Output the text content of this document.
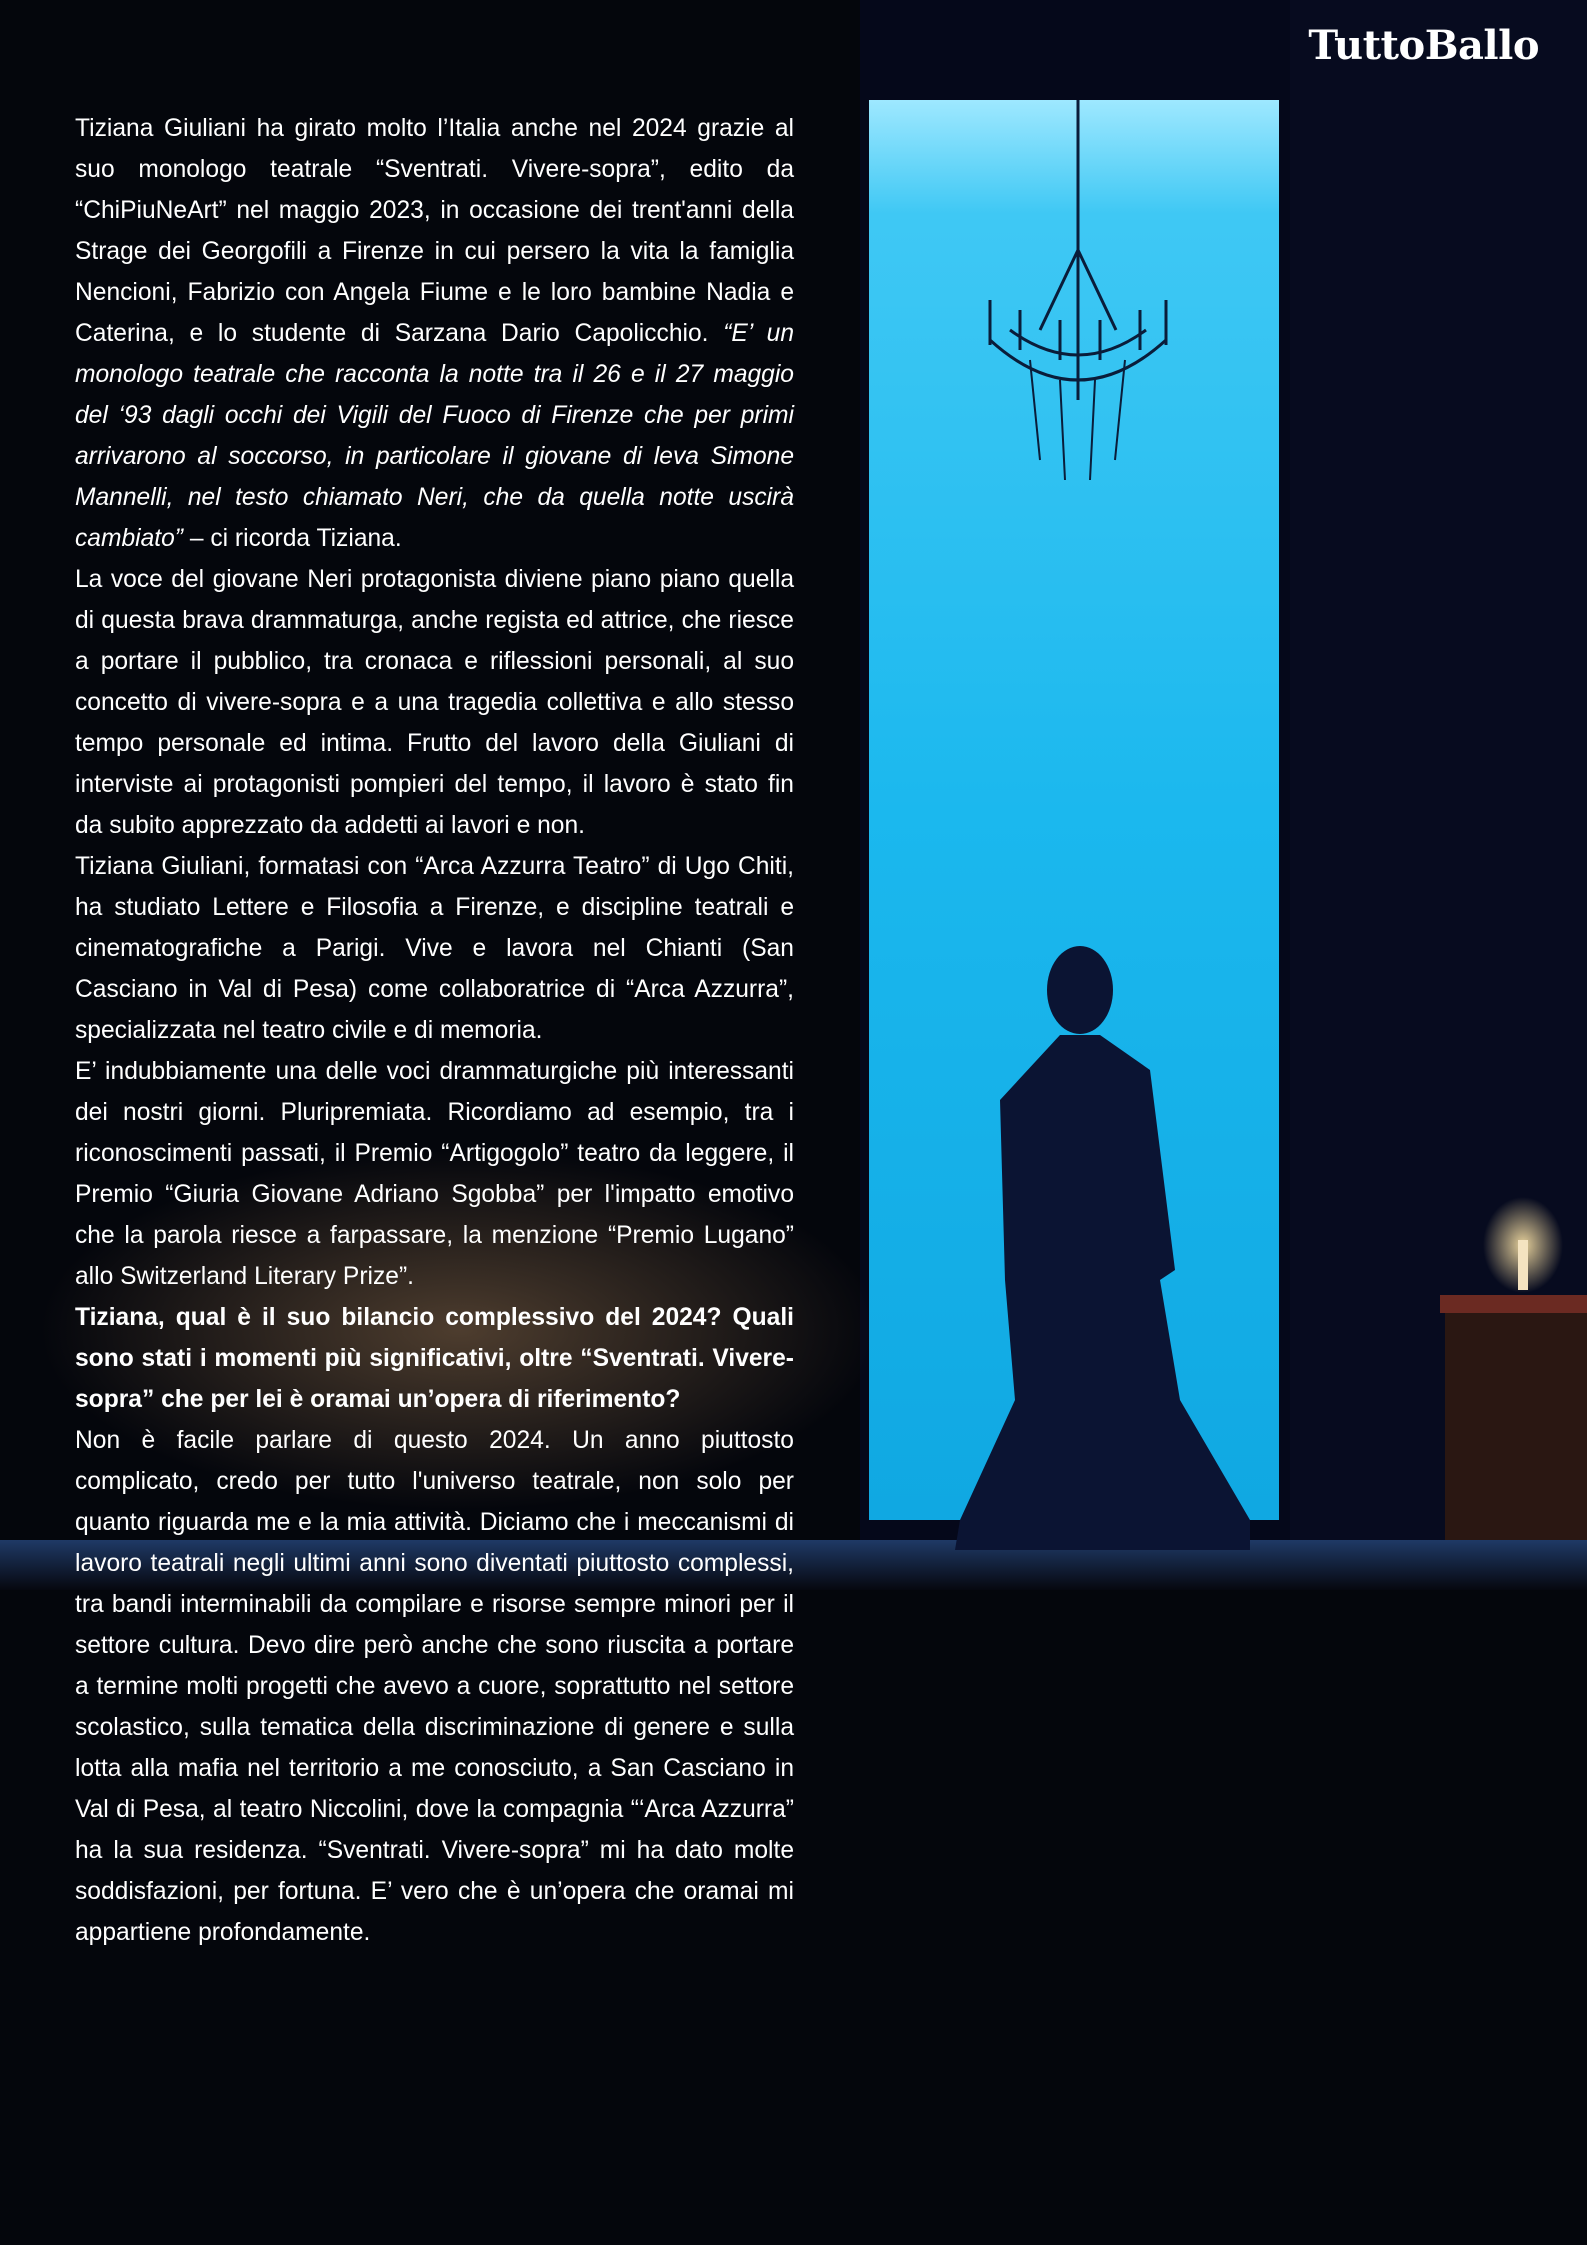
TuttoBallo

Tiziana Giuliani ha girato molto l’Italia anche nel 2024 grazie al suo monologo teatrale “Sventrati. Vivere-sopra”, edito da “ChiPiuNeArt” nel maggio 2023, in occasione dei trent'anni della Strage dei Georgofili a Firenze in cui persero la vita la famiglia Nencioni, Fabrizio con Angela Fiume e le loro bambine Nadia e Caterina, e lo studente di Sarzana Dario Capolicchio. “E’ un monologo teatrale che racconta la notte tra il 26 e il 27 maggio del ‘93 dagli occhi dei Vigili del Fuoco di Firenze che per primi arrivarono al soccorso, in particolare il giovane di leva Simone Mannelli, nel testo chiamato Neri, che da quella notte uscirà cambiato” – ci ricorda Tiziana.

La voce del giovane Neri protagonista diviene piano piano quella di questa brava drammaturga, anche regista ed attrice, che riesce a portare il pubblico, tra cronaca e riflessioni personali, al suo concetto di vivere-sopra e a una tragedia collettiva e allo stesso tempo personale ed intima. Frutto del lavoro della Giuliani di interviste ai protagonisti pompieri del tempo, il lavoro è stato fin da subito apprezzato da addetti ai lavori e non.

Tiziana Giuliani, formatasi con “Arca Azzurra Teatro” di Ugo Chiti, ha studiato Lettere e Filosofia a Firenze, e discipline teatrali e cinematografiche a Parigi. Vive e lavora nel Chianti (San Casciano in Val di Pesa) come collaboratrice di “Arca Azzurra”, specializzata nel teatro civile e di memoria.

E’ indubbiamente una delle voci drammaturgiche più interessanti dei nostri giorni. Pluripremiata. Ricordiamo ad esempio, tra i riconoscimenti passati, il Premio “Artigogolo” teatro da leggere, il Premio “Giuria Giovane Adriano Sgobba” per l'impatto emotivo che la parola riesce a farpassare, la menzione “Premio Lugano” allo Switzerland Literary Prize”.

Tiziana, qual è il suo bilancio complessivo del 2024? Quali sono stati i momenti più significativi, oltre “Sventrati. Vivere-sopra” che per lei è oramai un’opera di riferimento?

Non è facile parlare di questo 2024. Un anno piuttosto complicato, credo per tutto l'universo teatrale, non solo per quanto riguarda me e la mia attività. Diciamo che i meccanismi di lavoro teatrali negli ultimi anni sono diventati piuttosto complessi, tra bandi interminabili da compilare e risorse sempre minori per il settore cultura. Devo dire però anche che sono riuscita a portare a termine molti progetti che avevo a cuore, soprattutto nel settore scolastico, sulla tematica della discriminazione di genere e sulla lotta alla mafia nel territorio a me conosciuto, a San Casciano in Val di Pesa, al teatro Niccolini, dove la compagnia “‘Arca Azzurra” ha la sua residenza. “Sventrati. Vivere-sopra” mi ha dato molte soddisfazioni, per fortuna. E’ vero che è un’opera che oramai mi appartiene profondamente.
